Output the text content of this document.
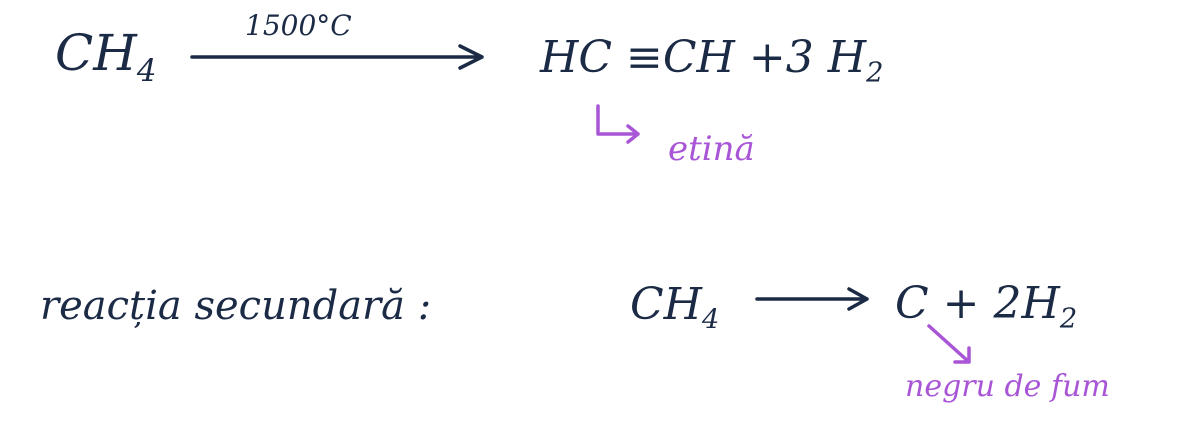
$CH_4$
1500°C
HC ≡CH +3 $H_2$
etină
reacția secundară :	$CH_4$	$C + 2H_2$
negru de fum
